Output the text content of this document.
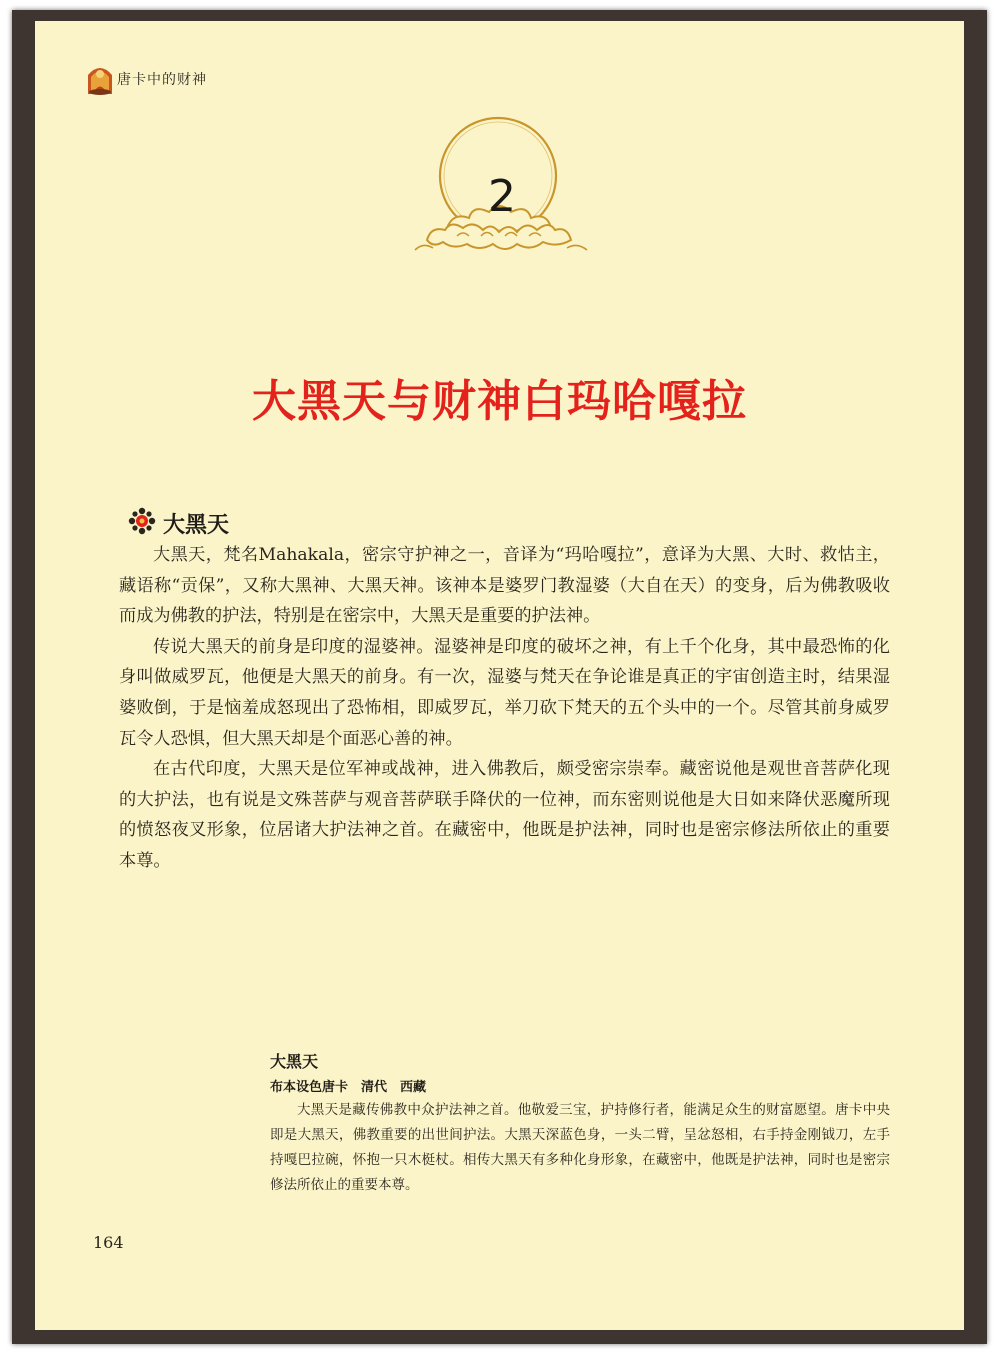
唐卡中的财神
2
大黑天与财神白玛哈嘎拉
大黑天

大黑天，梵名Mahakala，密宗守护神之一，音译为“玛哈嘎拉”，意译为大黑、大时、救怙主，藏语称“贡保”，又称大黑神、大黑天神。该神本是婆罗门教湿婆（大自在天）的变身，后为佛教吸收而成为佛教的护法，特别是在密宗中，大黑天是重要的护法神。

传说大黑天的前身是印度的湿婆神。湿婆神是印度的破坏之神，有上千个化身，其中最恐怖的化身叫做威罗瓦，他便是大黑天的前身。有一次，湿婆与梵天在争论谁是真正的宇宙创造主时，结果湿婆败倒，于是恼羞成怒现出了恐怖相，即威罗瓦，举刀砍下梵天的五个头中的一个。尽管其前身威罗瓦令人恐惧，但大黑天却是个面恶心善的神。

在古代印度，大黑天是位军神或战神，进入佛教后，颇受密宗崇奉。藏密说他是观世音菩萨化现的大护法，也有说是文殊菩萨与观音菩萨联手降伏的一位神，而东密则说他是大日如来降伏恶魔所现的愤怒夜叉形象，位居诸大护法神之首。在藏密中，他既是护法神，同时也是密宗修法所依止的重要本尊。

大黑天
布本设色唐卡　清代　西藏

大黑天是藏传佛教中众护法神之首。他敬爱三宝，护持修行者，能满足众生的财富愿望。唐卡中央即是大黑天，佛教重要的出世间护法。大黑天深蓝色身，一头二臂，呈忿怒相，右手持金刚钺刀，左手持嘎巴拉碗，怀抱一只木梃杖。相传大黑天有多种化身形象，在藏密中，他既是护法神，同时也是密宗修法所依止的重要本尊。

164
